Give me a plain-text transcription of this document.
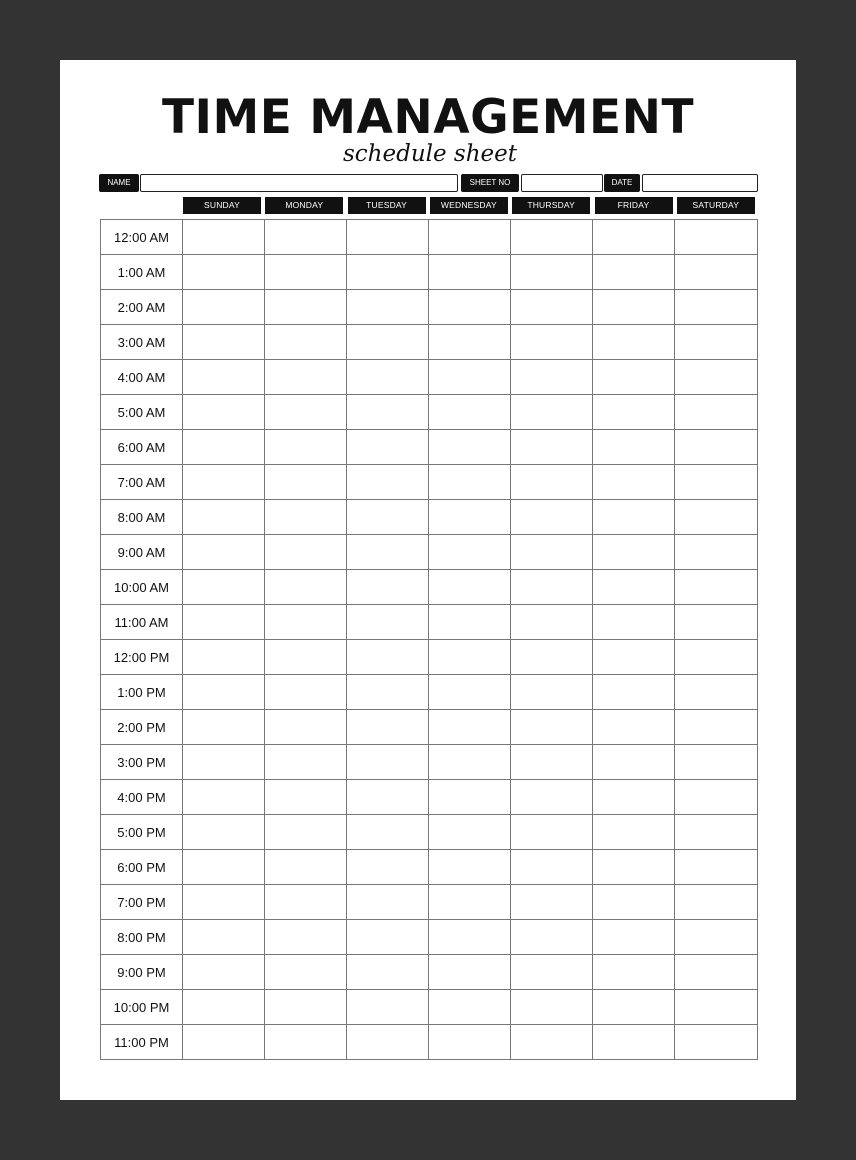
TIME MANAGEMENT
schedule sheet
NAME	SHEET NO	DATE
SUNDAY	MONDAY	TUESDAY	WEDNESDAY	THURSDAY	FRIDAY	SATURDAY
12:00 AM							
1:00 AM							
2:00 AM							
3:00 AM							
4:00 AM							
5:00 AM							
6:00 AM							
7:00 AM							
8:00 AM							
9:00 AM							
10:00 AM							
11:00 AM							
12:00 PM							
1:00 PM							
2:00 PM							
3:00 PM							
4:00 PM							
5:00 PM							
6:00 PM							
7:00 PM							
8:00 PM							
9:00 PM							
10:00 PM							
11:00 PM							
